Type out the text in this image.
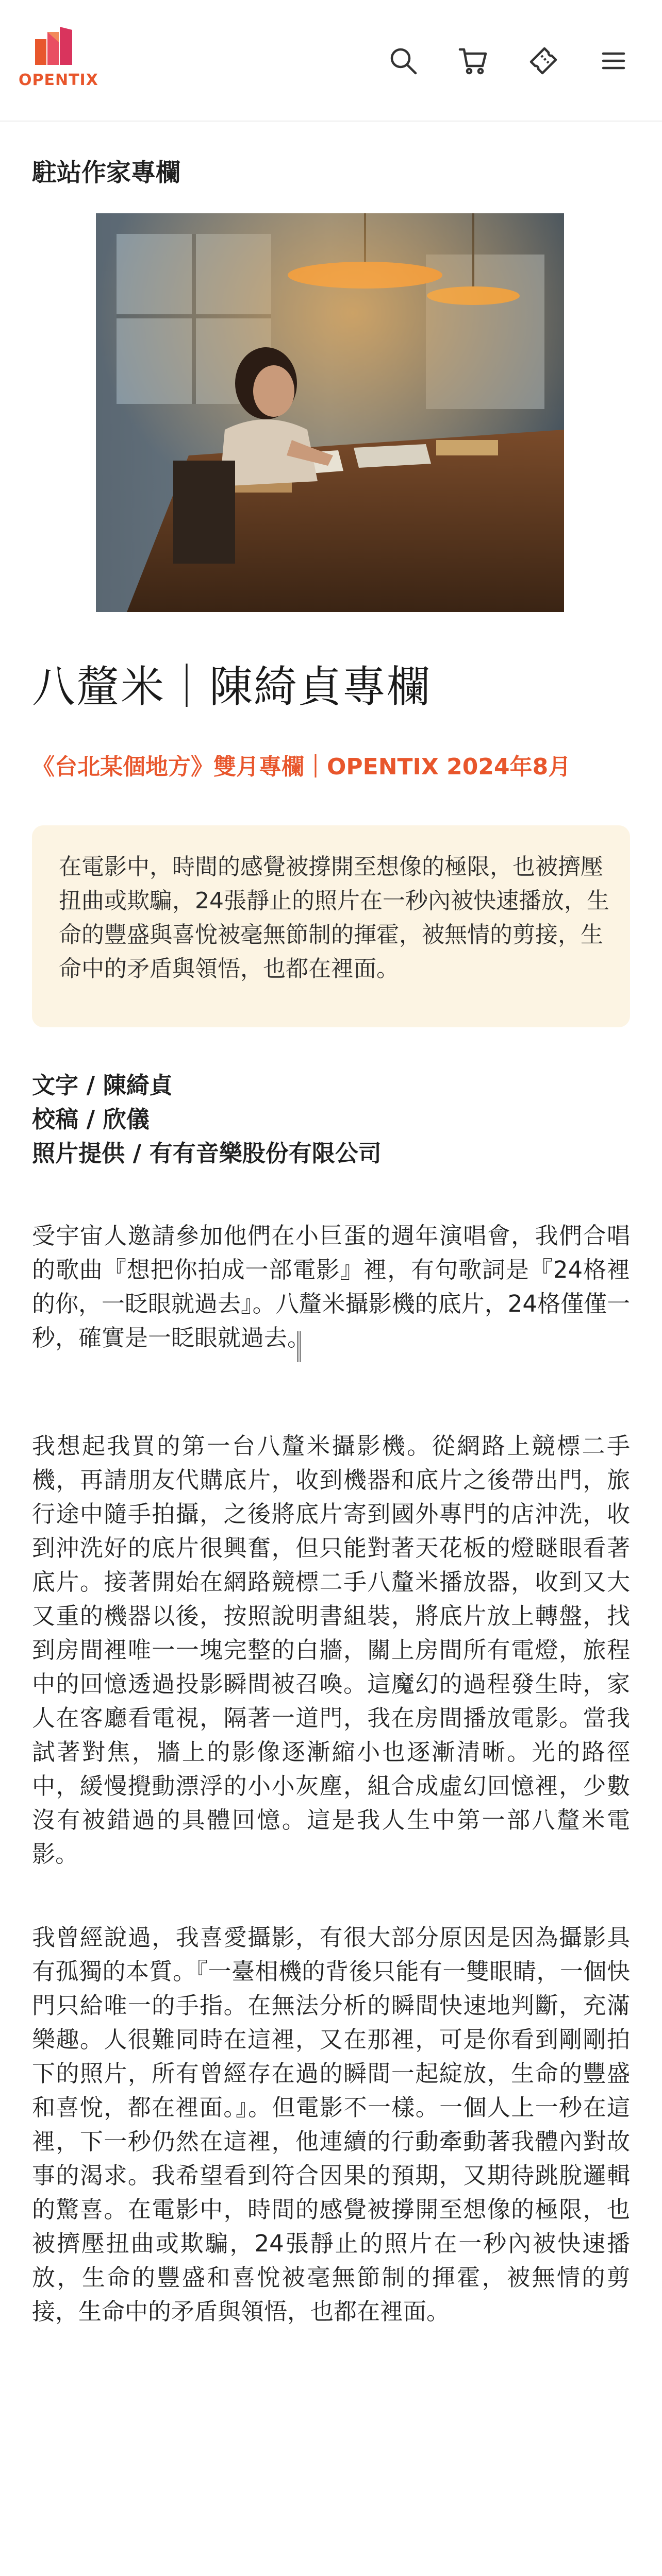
OPENTIX
駐站作家專欄
八釐米｜陳綺貞專欄
《台北某個地方》雙月專欄｜OPENTIX 2024年8月
在電影中，時間的感覺被撐開至想像的極限，也被擠壓扭曲或欺騙，24張靜止的照片在一秒內被快速播放，生命的豐盛與喜悅被毫無節制的揮霍，被無情的剪接，生命中的矛盾與領悟，也都在裡面。
文字 / 陳綺貞
校稿 / 欣儀
照片提供 / 有有音樂股份有限公司

受宇宙人邀請參加他們在小巨蛋的週年演唱會，我們合唱的歌曲『想把你拍成一部電影』裡，有句歌詞是『24格裡的你，一眨眼就過去』。八釐米攝影機的底片，24格僅僅一秒，確實是一眨眼就過去。

我想起我買的第一台八釐米攝影機。從網路上競標二手機，再請朋友代購底片，收到機器和底片之後帶出門，旅行途中隨手拍攝，之後將底片寄到國外專門的店沖洗，收到沖洗好的底片很興奮，但只能對著天花板的燈瞇眼看著底片。接著開始在網路競標二手八釐米播放器，收到又大又重的機器以後，按照說明書組裝，將底片放上轉盤，找到房間裡唯一一塊完整的白牆，關上房間所有電燈，旅程中的回憶透過投影瞬間被召喚。這魔幻的過程發生時，家人在客廳看電視，隔著一道門，我在房間播放電影。當我試著對焦，牆上的影像逐漸縮小也逐漸清晰。光的路徑中，緩慢攪動漂浮的小小灰塵，組合成虛幻回憶裡，少數沒有被錯過的具體回憶。這是我人生中第一部八釐米電影。

我曾經說過，我喜愛攝影，有很大部分原因是因為攝影具有孤獨的本質。『一臺相機的背後只能有一雙眼睛，一個快門只給唯一的手指。在無法分析的瞬間快速地判斷，充滿樂趣。人很難同時在這裡，又在那裡，可是你看到剛剛拍下的照片，所有曾經存在過的瞬間一起綻放，生命的豐盛和喜悅，都在裡面。』。但電影不一樣。一個人上一秒在這裡，下一秒仍然在這裡，他連續的行動牽動著我體內對故事的渴求。我希望看到符合因果的預期，又期待跳脫邏輯的驚喜。在電影中，時間的感覺被撐開至想像的極限，也被擠壓扭曲或欺騙，24張靜止的照片在一秒內被快速播放，生命的豐盛和喜悅被毫無節制的揮霍，被無情的剪接，生命中的矛盾與領悟，也都在裡面。
